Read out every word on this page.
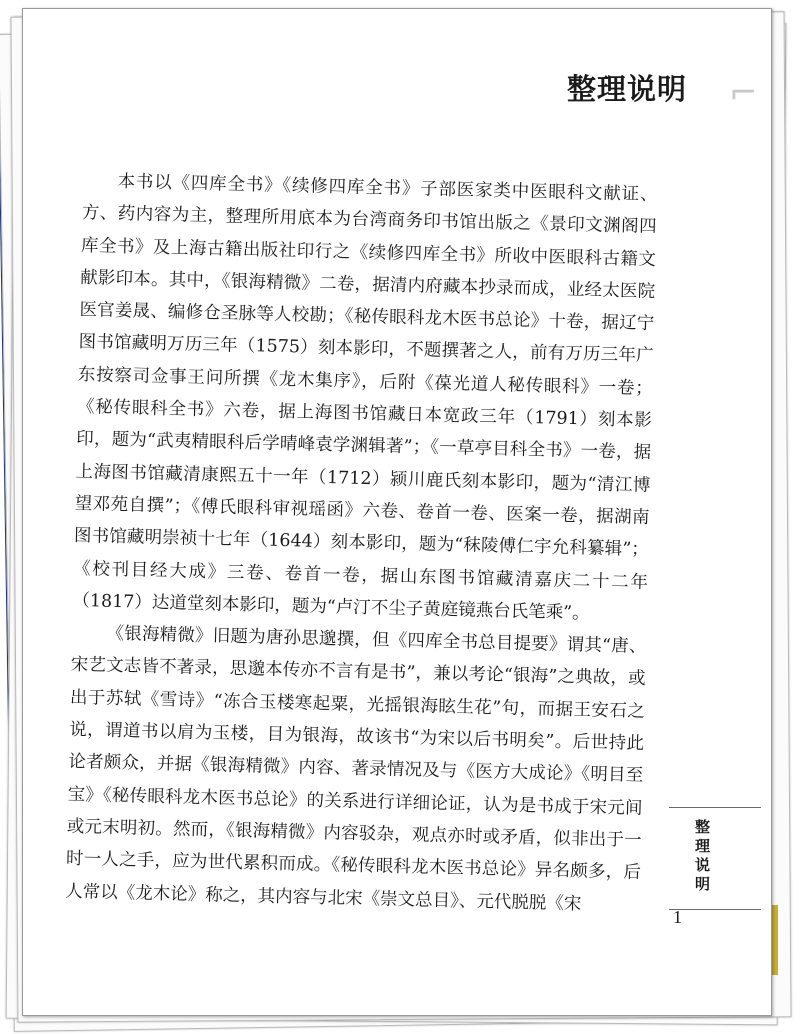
整理说明 ⌐

本书以《四库全书》《续修四库全书》子部医家类中医眼科文献证、方、药内容为主，整理所用底本为台湾商务印书馆出版之《景印文渊阁四库全书》及上海古籍出版社印行之《续修四库全书》所收中医眼科古籍文献影印本。其中，《银海精微》二卷，据清内府藏本抄录而成，业经太医院医官姜晟、编修仓圣脉等人校勘；《秘传眼科龙木医书总论》十卷，据辽宁图书馆藏明万历三年（1575）刻本影印，不题撰著之人，前有万历三年广东按察司佥事王问所撰《龙木集序》，后附《葆光道人秘传眼科》一卷；《秘传眼科全书》六卷，据上海图书馆藏日本宽政三年（1791）刻本影印，题为“武夷精眼科后学晴峰袁学渊辑著”；《一草亭目科全书》一卷，据上海图书馆藏清康熙五十一年（1712）颍川鹿氏刻本影印，题为“清江博望邓苑自撰”；《傅氏眼科审视瑶函》六卷、卷首一卷、医案一卷，据湖南图书馆藏明崇祯十七年（1644）刻本影印，题为“秣陵傅仁宇允科纂辑”；《校刊目经大成》三卷、卷首一卷，据山东图书馆藏清嘉庆二十二年（1817）达道堂刻本影印，题为“卢汀不尘子黄庭镜燕台氏笔乘”。

《银海精微》旧题为唐孙思邈撰，但《四库全书总目提要》谓其“唐、宋艺文志皆不著录，思邈本传亦不言有是书”，兼以考论“银海”之典故，或出于苏轼《雪诗》“冻合玉楼寒起粟，光摇银海眩生花”句，而据王安石之说，谓道书以肩为玉楼，目为银海，故该书“为宋以后书明矣”。后世持此论者颇众，并据《银海精微》内容、著录情况及与《医方大成论》《明目至宝》《秘传眼科龙木医书总论》的关系进行详细论证，认为是书成于宋元间或元末明初。然而，《银海精微》内容驳杂，观点亦时或矛盾，似非出于一时一人之手，应为世代累积而成。《秘传眼科龙木医书总论》异名颇多，后人常以《龙木论》称之，其内容与北宋《崇文总目》、元代脱脱《宋

整理说明
1
